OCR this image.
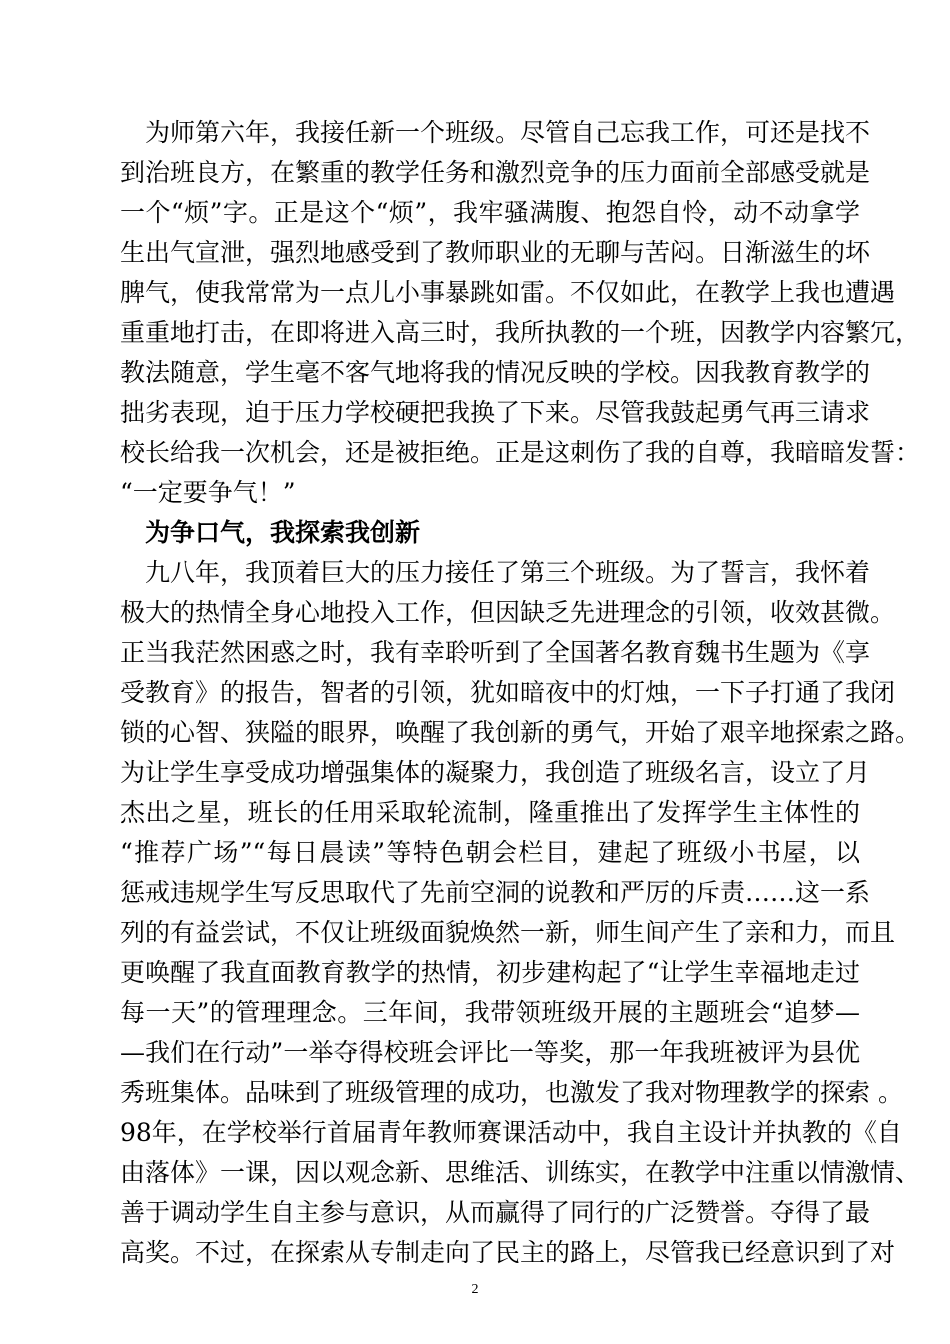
　为师第六年，我接任新一个班级。尽管自己忘我工作，可还是找不
到治班良方，在繁重的教学任务和激烈竞争的压力面前全部感受就是
一个“烦”字。正是这个“烦”，我牢骚满腹、抱怨自怜，动不动拿学
生出气宣泄，强烈地感受到了教师职业的无聊与苦闷。日渐滋生的坏
脾气，使我常常为一点儿小事暴跳如雷。不仅如此，在教学上我也遭遇
重重地打击，在即将进入高三时，我所执教的一个班，因教学内容繁冗，
教法随意，学生毫不客气地将我的情况反映的学校。因我教育教学的
拙劣表现，迫于压力学校硬把我换了下来。尽管我鼓起勇气再三请求
校长给我一次机会，还是被拒绝。正是这刺伤了我的自尊，我暗暗发誓：
“一定要争气！”
为争口气，我探索我创新
　九八年，我顶着巨大的压力接任了第三个班级。为了誓言，我怀着
极大的热情全身心地投入工作，但因缺乏先进理念的引领，收效甚微。
正当我茫然困惑之时，我有幸聆听到了全国著名教育魏书生题为《享
受教育》的报告，智者的引领，犹如暗夜中的灯烛，一下子打通了我闭
锁的心智、狭隘的眼界，唤醒了我创新的勇气，开始了艰辛地探索之路。
为让学生享受成功增强集体的凝聚力，我创造了班级名言，设立了月
杰出之星，班长的任用采取轮流制，隆重推出了发挥学生主体性的
“推荐广场”“每日晨读”等特色朝会栏目，建起了班级小书屋，以
惩戒违规学生写反思取代了先前空洞的说教和严厉的斥责……这一系
列的有益尝试，不仅让班级面貌焕然一新，师生间产生了亲和力，而且
更唤醒了我直面教育教学的热情，初步建构起了“让学生幸福地走过
每一天”的管理理念。三年间，我带领班级开展的主题班会“追梦—
—我们在行动”一举夺得校班会评比一等奖，那一年我班被评为县优
秀班集体。品味到了班级管理的成功，也激发了我对物理教学的探索 。
98年，在学校举行首届青年教师赛课活动中，我自主设计并执教的《自
由落体》一课，因以观念新、思维活、训练实，在教学中注重以情激情、
善于调动学生自主参与意识，从而赢得了同行的广泛赞誉。夺得了最
高奖。不过，在探索从专制走向了民主的路上，尽管我已经意识到了对
2
